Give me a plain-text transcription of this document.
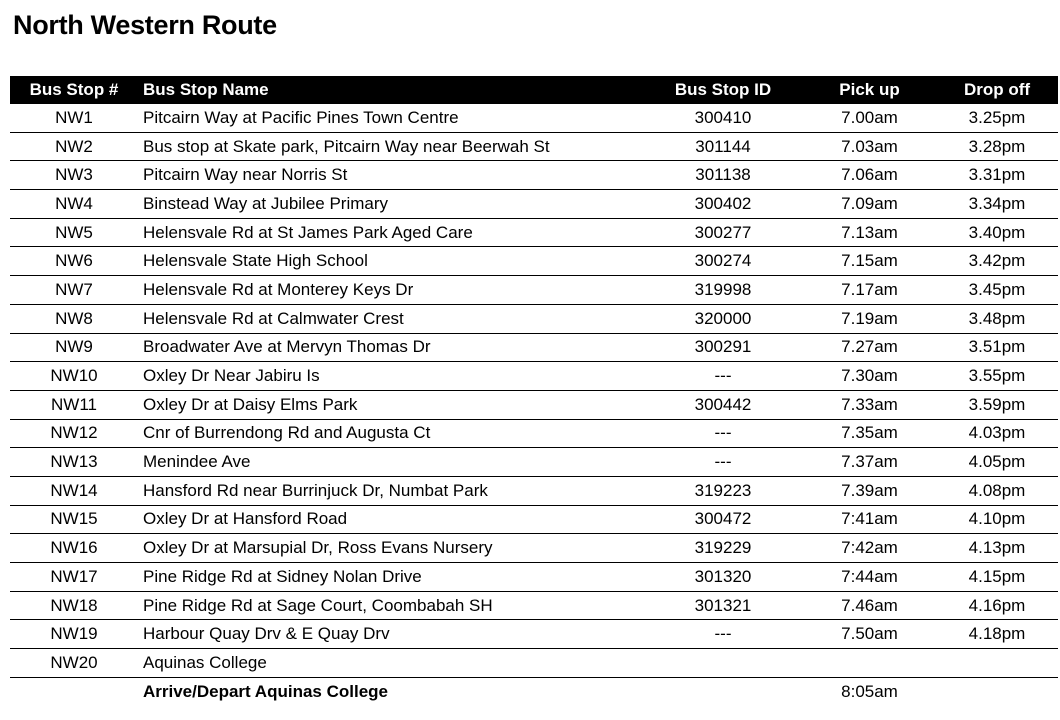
North Western Route
Bus Stop #	Bus Stop Name	Bus Stop ID	Pick up	Drop off
NW1	Pitcairn Way at Pacific Pines Town Centre	300410	7.00am	3.25pm
NW2	Bus stop at Skate park, Pitcairn Way near Beerwah St	301144	7.03am	3.28pm
NW3	Pitcairn Way near Norris St	301138	7.06am	3.31pm
NW4	Binstead Way at Jubilee Primary	300402	7.09am	3.34pm
NW5	Helensvale Rd at St James Park Aged Care	300277	7.13am	3.40pm
NW6	Helensvale State High School	300274	7.15am	3.42pm
NW7	Helensvale Rd at Monterey Keys Dr	319998	7.17am	3.45pm
NW8	Helensvale Rd at Calmwater Crest	320000	7.19am	3.48pm
NW9	Broadwater Ave at Mervyn Thomas Dr	300291	7.27am	3.51pm
NW10	Oxley Dr Near Jabiru Is	---	7.30am	3.55pm
NW11	Oxley Dr at Daisy Elms Park	300442	7.33am	3.59pm
NW12	Cnr of Burrendong Rd and Augusta Ct	---	7.35am	4.03pm
NW13	Menindee Ave	---	7.37am	4.05pm
NW14	Hansford Rd near Burrinjuck Dr, Numbat Park	319223	7.39am	4.08pm
NW15	Oxley Dr at Hansford Road	300472	7:41am	4.10pm
NW16	Oxley Dr at Marsupial Dr, Ross Evans Nursery	319229	7:42am	4.13pm
NW17	Pine Ridge Rd at Sidney Nolan Drive	301320	7:44am	4.15pm
NW18	Pine Ridge Rd at Sage Court, Coombabah SH	301321	7.46am	4.16pm
NW19	Harbour Quay Drv & E Quay Drv	---	7.50am	4.18pm
NW20	Aquinas College			
	Arrive/Depart Aquinas College		8:05am	
